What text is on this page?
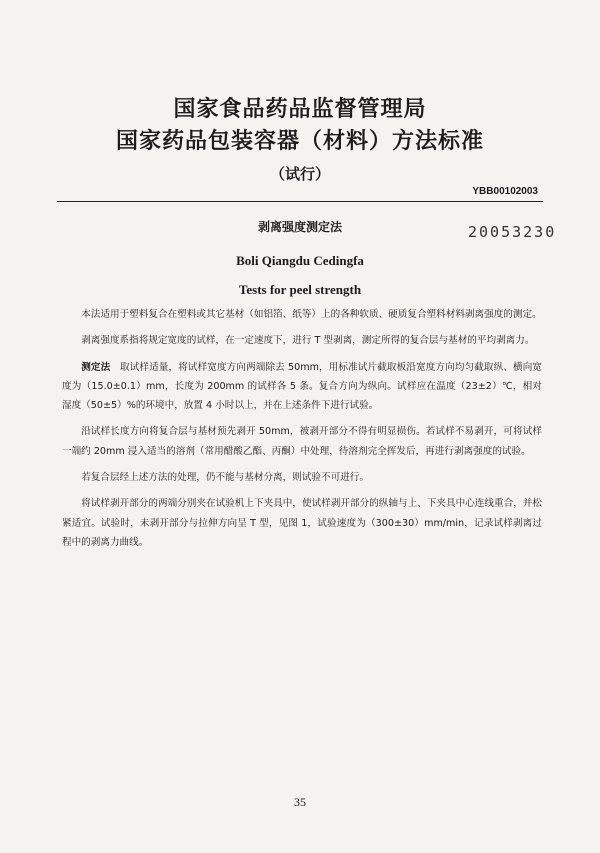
国家食品药品监督管理局
国家药品包装容器（材料）方法标准
（试行）
YBB00102003
剥离强度测定法	20053230
Boli Qiangdu Cedingfa
Tests for peel strength

本法适用于塑料复合在塑料或其它基材（如铝箔、纸等）上的各种软质、硬质复合塑料材料剥离强度的测定。

剥离强度系指将规定宽度的试样，在一定速度下，进行 T 型剥离，测定所得的复合层与基材的平均剥离力。

测定法  取试样适量，将试样宽度方向两端除去 50mm，用标准试片截取板沿宽度方向均匀截取纵、横向宽度为（15.0±0.1）mm，长度为 200mm 的试样各 5 条。复合方向为纵向。试样应在温度（23±2）℃，相对湿度（50±5）%的环境中，放置 4 小时以上，并在上述条件下进行试验。

沿试样长度方向将复合层与基材预先剥开 50mm，被剥开部分不得有明显损伤。若试样不易剥开，可将试样一端约 20mm 浸入适当的溶剂（常用醋酸乙酯、丙酮）中处理，待溶剂完全挥发后，再进行剥离强度的试验。

若复合层经上述方法的处理，仍不能与基材分离，则试验不可进行。

将试样剥开部分的两端分别夹在试验机上下夹具中，使试样剥开部分的纵轴与上、下夹具中心连线重合，并松紧适宜。试验时，未剥开部分与拉伸方向呈 T 型，见图 1，试验速度为（300±30）mm/min，记录试样剥离过程中的剥离力曲线。

35
